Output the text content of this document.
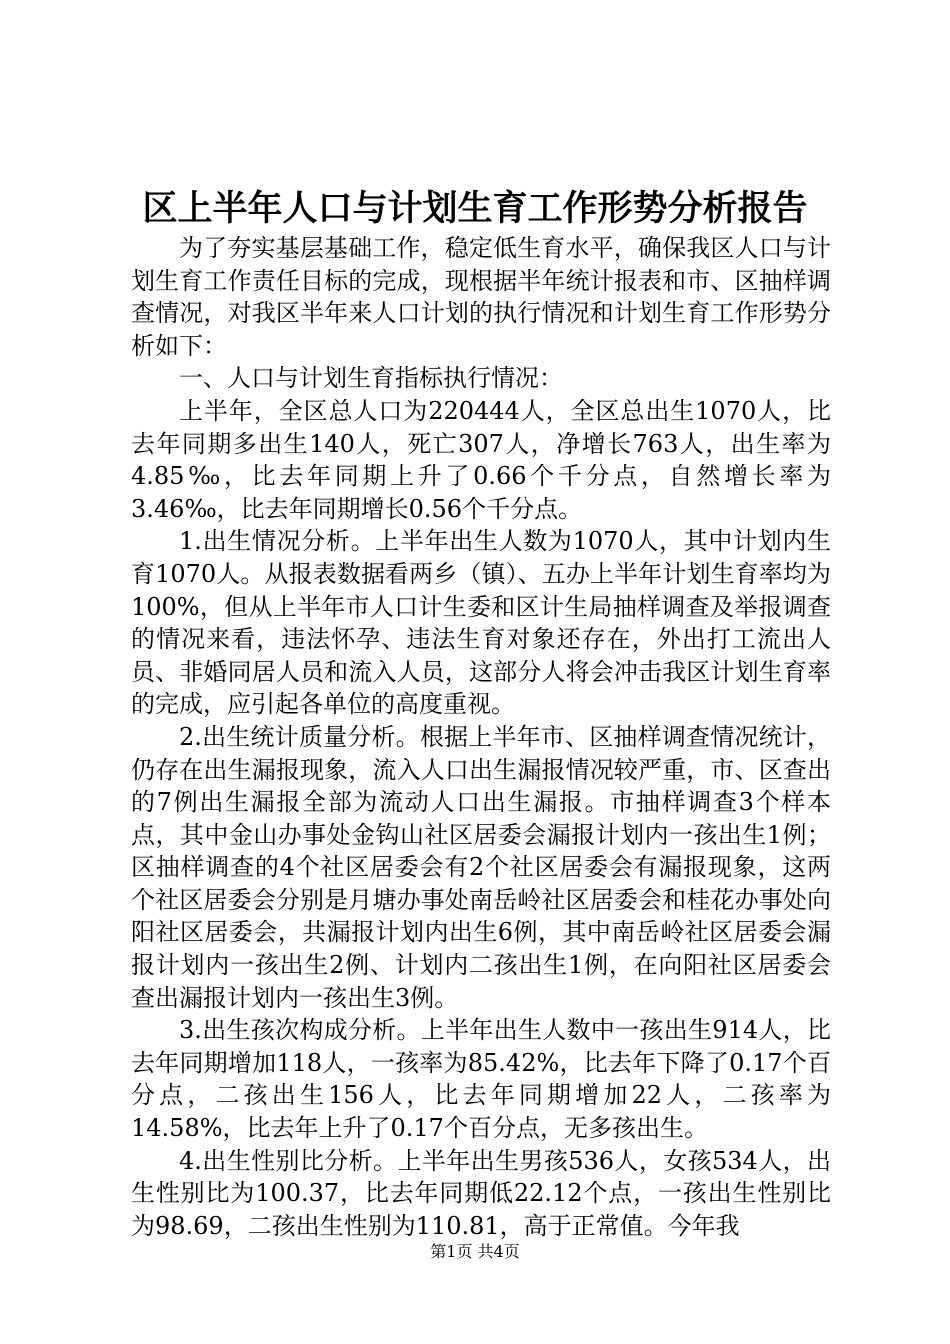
区上半年人口与计划生育工作形势分析报告

为了夯实基层基础工作，稳定低生育水平，确保我区人口与计划生育工作责任目标的完成，现根据半年统计报表和市、区抽样调查情况，对我区半年来人口计划的执行情况和计划生育工作形势分析如下：

一、人口与计划生育指标执行情况：

上半年，全区总人口为220444人，全区总出生1070人，比去年同期多出生140人，死亡307人，净增长763人，出生率为4.85‰，比去年同期上升了0.66个千分点，自然增长率为3.46‰，比去年同期增长0.56个千分点。

1.出生情况分析。上半年出生人数为1070人，其中计划内生育1070人。从报表数据看两乡（镇）、五办上半年计划生育率均为100%，但从上半年市人口计生委和区计生局抽样调查及举报调查的情况来看，违法怀孕、违法生育对象还存在，外出打工流出人员、非婚同居人员和流入人员，这部分人将会冲击我区计划生育率的完成，应引起各单位的高度重视。

2.出生统计质量分析。根据上半年市、区抽样调查情况统计，仍存在出生漏报现象，流入人口出生漏报情况较严重，市、区查出的7例出生漏报全部为流动人口出生漏报。市抽样调查3个样本点，其中金山办事处金钩山社区居委会漏报计划内一孩出生1例；区抽样调查的4个社区居委会有2个社区居委会有漏报现象，这两个社区居委会分别是月塘办事处南岳岭社区居委会和桂花办事处向阳社区居委会，共漏报计划内出生6例，其中南岳岭社区居委会漏报计划内一孩出生2例、计划内二孩出生1例，在向阳社区居委会查出漏报计划内一孩出生3例。

3.出生孩次构成分析。上半年出生人数中一孩出生914人，比去年同期增加118人，一孩率为85.42%，比去年下降了0.17个百分点，二孩出生156人，比去年同期增加22人，二孩率为14.58%，比去年上升了0.17个百分点，无多孩出生。

4.出生性别比分析。上半年出生男孩536人，女孩534人，出生性别比为100.37，比去年同期低22.12个点，一孩出生性别比为98.69，二孩出生性别为110.81，高于正常值。今年我

第1页 共4页
